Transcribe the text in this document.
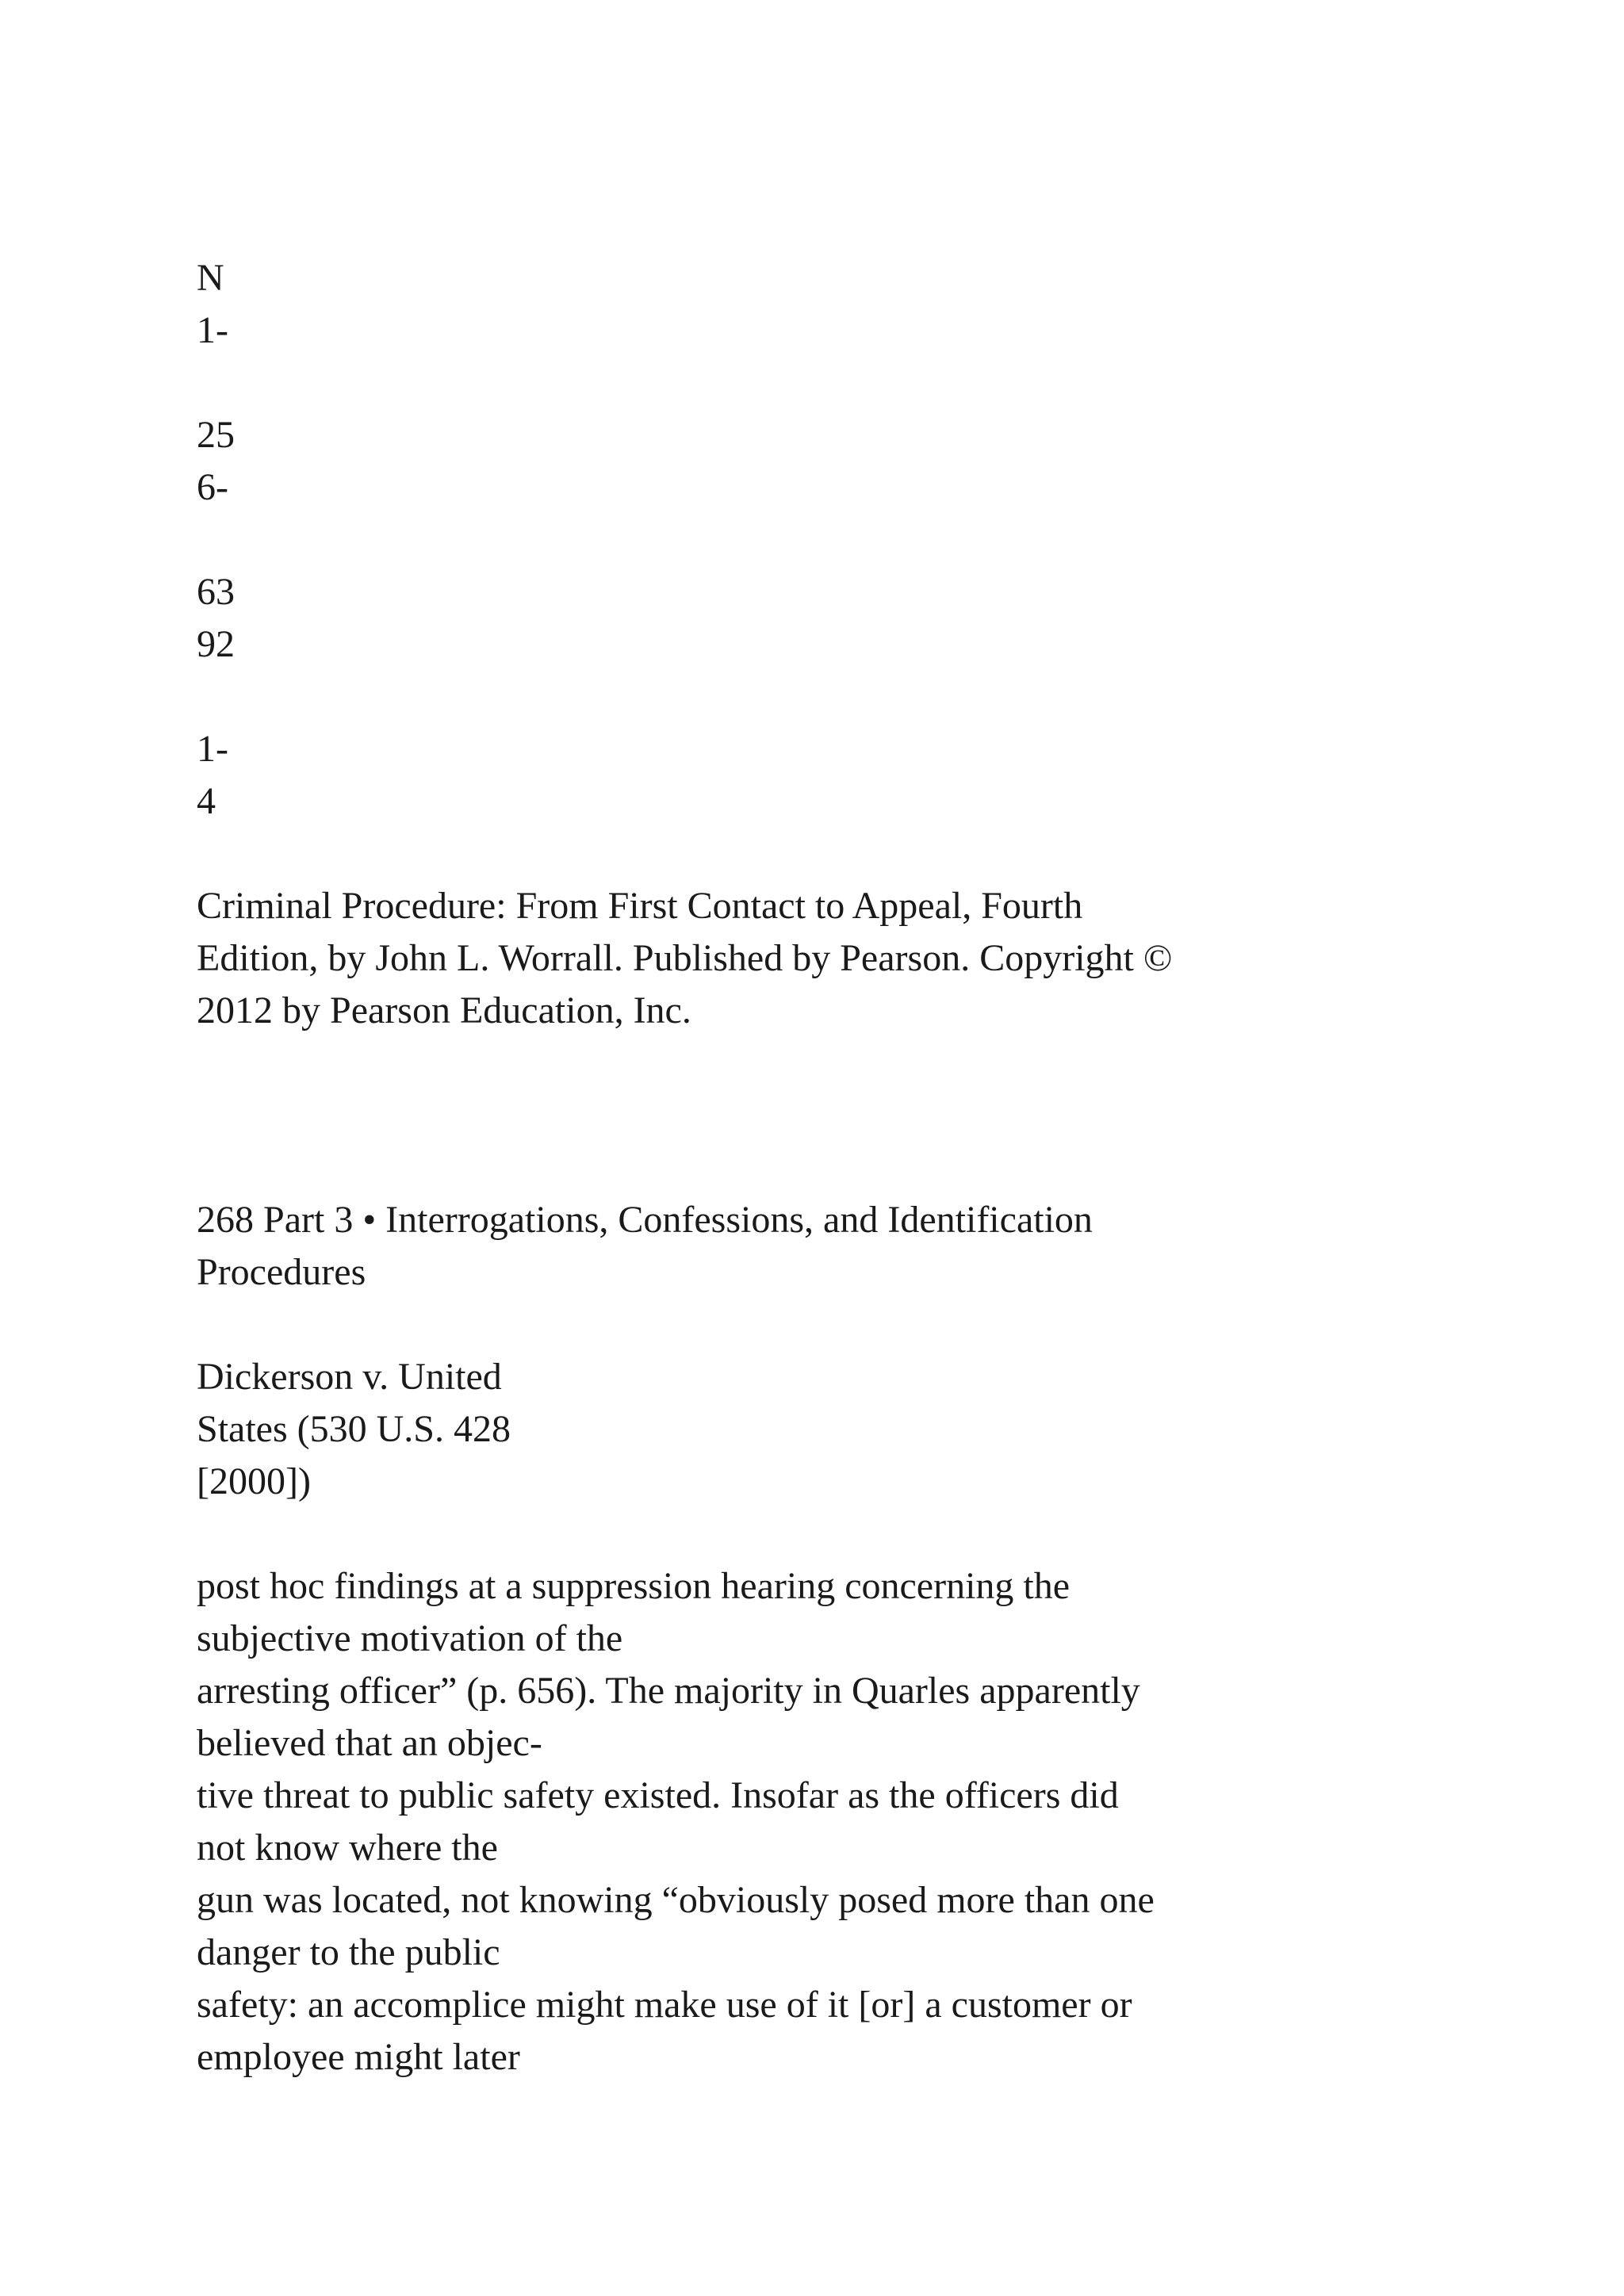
N

1-

25

6-

63

92

1-

4

Criminal Procedure: From First Contact to Appeal, Fourth

Edition, by John L. Worrall. Published by Pearson. Copyright ©

2012 by Pearson Education, Inc.

268 Part 3 • Interrogations, Confessions, and Identification

Procedures

Dickerson v. United

States (530 U.S. 428

[2000])

post hoc findings at a suppression hearing concerning the

subjective motivation of the

arresting officer” (p. 656). The majority in Quarles apparently

believed that an objec-

tive threat to public safety existed. Insofar as the officers did

not know where the

gun was located, not knowing “obviously posed more than one

danger to the public

safety: an accomplice might make use of it [or] a customer or

employee might later
